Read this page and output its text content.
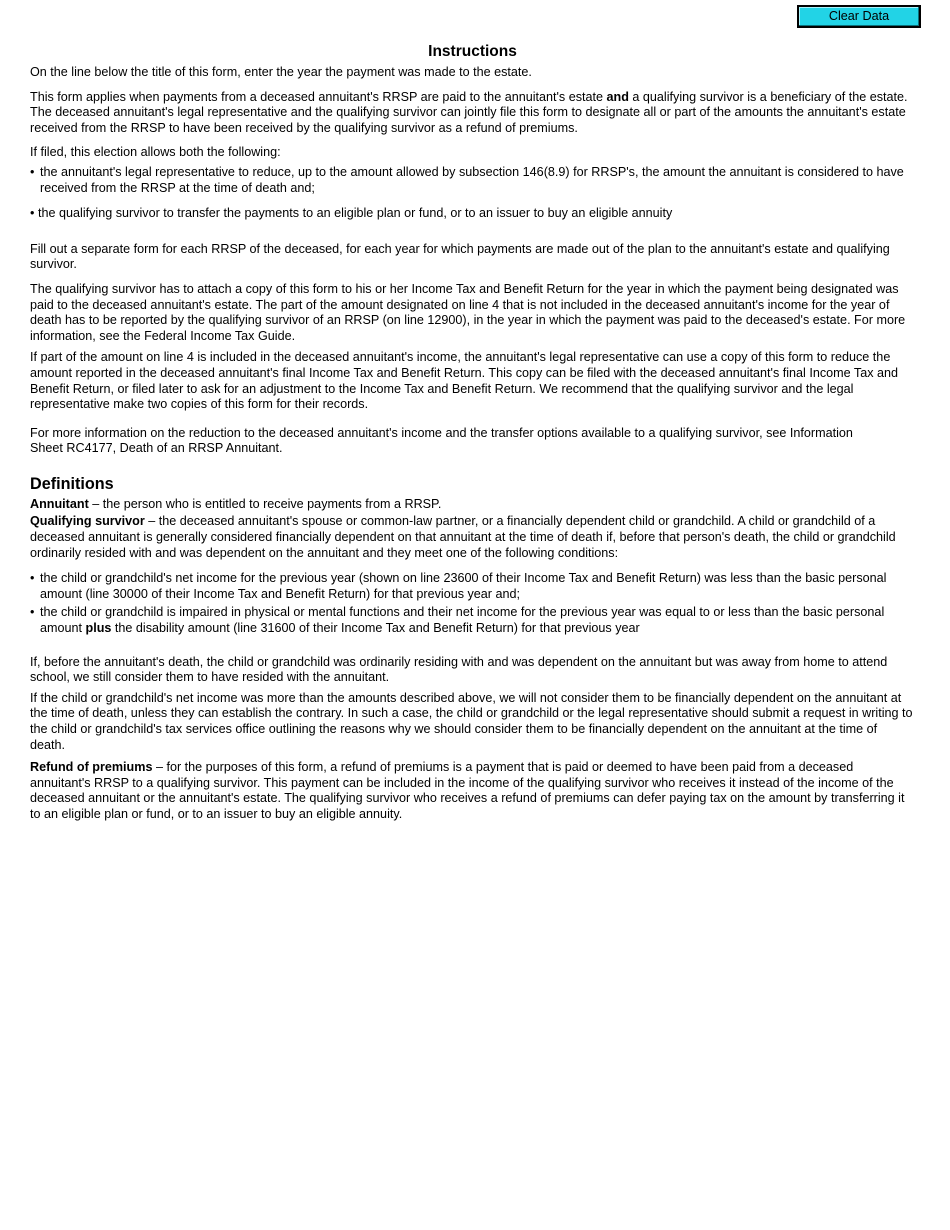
Clear Data
Instructions

On the line below the title of this form, enter the year the payment was made to the estate.

This form applies when payments from a deceased annuitant's RRSP are paid to the annuitant's estate and a qualifying survivor is a beneficiary of the estate. The deceased annuitant's legal representative and the qualifying survivor can jointly file this form to designate all or part of the amounts the annuitant's estate received from the RRSP to have been received by the qualifying survivor as a refund of premiums.

If filed, this election allows both the following:

• the annuitant's legal representative to reduce, up to the amount allowed by subsection 146(8.9) for RRSP's, the amount the annuitant is considered to have received from the RRSP at the time of death and;
• the qualifying survivor to transfer the payments to an eligible plan or fund, or to an issuer to buy an eligible annuity

Fill out a separate form for each RRSP of the deceased, for each year for which payments are made out of the plan to the annuitant's estate and qualifying survivor.

The qualifying survivor has to attach a copy of this form to his or her Income Tax and Benefit Return for the year in which the payment being designated was paid to the deceased annuitant's estate. The part of the amount designated on line 4 that is not included in the deceased annuitant's income for the year of death has to be reported by the qualifying survivor of an RRSP (on line 12900), in the year in which the payment was paid to the deceased's estate. For more information, see the Federal Income Tax Guide.

If part of the amount on line 4 is included in the deceased annuitant's income, the annuitant's legal representative can use a copy of this form to reduce the amount reported in the deceased annuitant's final Income Tax and Benefit Return. This copy can be filed with the deceased annuitant's final Income Tax and Benefit Return, or filed later to ask for an adjustment to the Income Tax and Benefit Return. We recommend that the qualifying survivor and the legal representative make two copies of this form for their records.

For more information on the reduction to the deceased annuitant's income and the transfer options available to a qualifying survivor, see Information
Sheet RC4177, Death of an RRSP Annuitant.

Definitions

Annuitant – the person who is entitled to receive payments from a RRSP.

Qualifying survivor – the deceased annuitant's spouse or common-law partner, or a financially dependent child or grandchild. A child or grandchild of a deceased annuitant is generally considered financially dependent on that annuitant at the time of death if, before that person's death, the child or grandchild ordinarily resided with and was dependent on the annuitant and they meet one of the following conditions:

• the child or grandchild's net income for the previous year (shown on line 23600 of their Income Tax and Benefit Return) was less than the basic personal amount (line 30000 of their Income Tax and Benefit Return) for that previous year and;
• the child or grandchild is impaired in physical or mental functions and their net income for the previous year was equal to or less than the basic personal amount plus the disability amount (line 31600 of their Income Tax and Benefit Return) for that previous year

If, before the annuitant's death, the child or grandchild was ordinarily residing with and was dependent on the annuitant but was away from home to attend school, we still consider them to have resided with the annuitant.

If the child or grandchild's net income was more than the amounts described above, we will not consider them to be financially dependent on the annuitant at the time of death, unless they can establish the contrary. In such a case, the child or grandchild or the legal representative should submit a request in writing to the child or grandchild's tax services office outlining the reasons why we should consider them to be financially dependent on the annuitant at the time of death.

Refund of premiums – for the purposes of this form, a refund of premiums is a payment that is paid or deemed to have been paid from a deceased annuitant's RRSP to a qualifying survivor. This payment can be included in the income of the qualifying survivor who receives it instead of the income of the deceased annuitant or the annuitant's estate. The qualifying survivor who receives a refund of premiums can defer paying tax on the amount by transferring it to an eligible plan or fund, or to an issuer to buy an eligible annuity.
